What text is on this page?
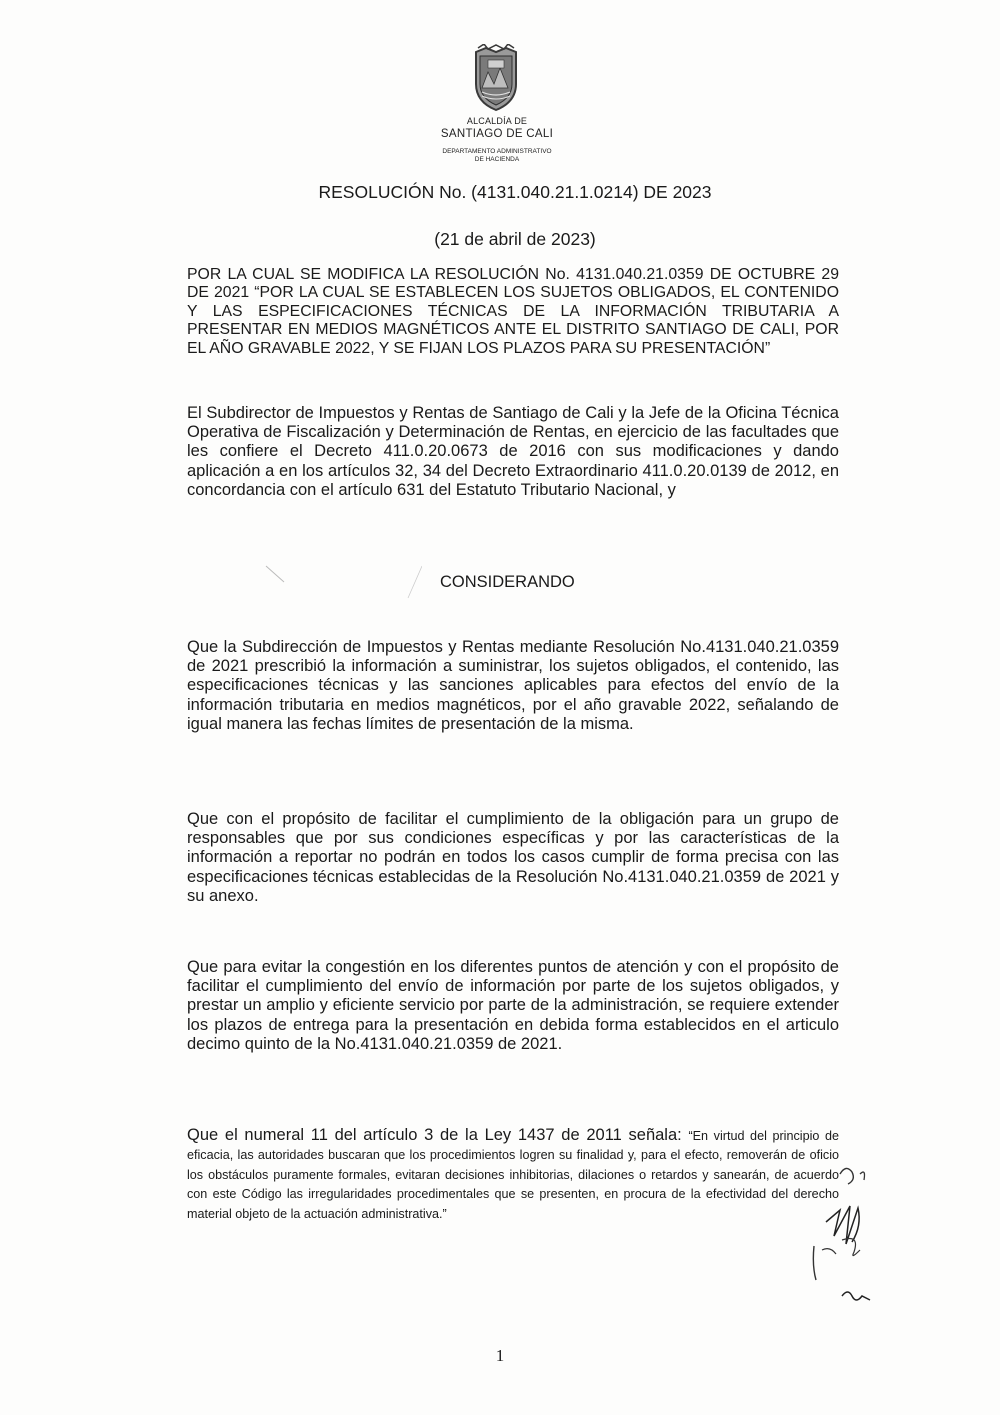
ALCALDÍA DE
SANTIAGO DE CALI
DEPARTAMENTO ADMINISTRATIVO
DE HACIENDA
RESOLUCIÓN No. (4131.040.21.1.0214) DE 2023
(21 de abril de 2023)
POR LA CUAL SE MODIFICA LA RESOLUCIÓN No. 4131.040.21.0359 DE OCTUBRE 29 DE 2021 “POR LA CUAL SE ESTABLECEN LOS SUJETOS OBLIGADOS, EL CONTENIDO Y LAS ESPECIFICACIONES TÉCNICAS DE LA INFORMACIÓN TRIBUTARIA A PRESENTAR EN MEDIOS MAGNÉTICOS ANTE EL DISTRITO SANTIAGO DE CALI, POR EL AÑO GRAVABLE 2022, Y SE FIJAN LOS PLAZOS PARA SU PRESENTACIÓN”
El Subdirector de Impuestos y Rentas de Santiago de Cali y la Jefe de la Oficina Técnica Operativa de Fiscalización y Determinación de Rentas, en ejercicio de las facultades que les confiere el Decreto 411.0.20.0673 de 2016 con sus modificaciones y dando aplicación a en los artículos 32, 34 del Decreto Extraordinario 411.0.20.0139 de 2012, en concordancia con el artículo 631 del Estatuto Tributario Nacional, y
CONSIDERANDO
Que la Subdirección de Impuestos y Rentas mediante Resolución No.4131.040.21.0359 de 2021 prescribió la información a suministrar, los sujetos obligados, el contenido, las especificaciones técnicas y las sanciones aplicables para efectos del envío de la información tributaria en medios magnéticos, por el año gravable 2022, señalando de igual manera las fechas límites de presentación de la misma.
Que con el propósito de facilitar el cumplimiento de la obligación para un grupo de responsables que por sus condiciones específicas y por las características de la información a reportar no podrán en todos los casos cumplir de forma precisa con las especificaciones técnicas establecidas de la Resolución No.4131.040.21.0359 de 2021 y su anexo.
Que para evitar la congestión en los diferentes puntos de atención y con el propósito de facilitar el cumplimiento del envío de información por parte de los sujetos obligados, y prestar un amplio y eficiente servicio por parte de la administración, se requiere extender los plazos de entrega para la presentación en debida forma establecidos en el articulo decimo quinto de la No.4131.040.21.0359 de 2021.
Que el numeral 11 del artículo 3 de la Ley 1437 de 2011 señala: “En virtud del principio de eficacia, las autoridades buscaran que los procedimientos logren su finalidad y, para el efecto, removerán de oficio los obstáculos puramente formales, evitaran decisiones inhibitorias, dilaciones o retardos y sanearán, de acuerdo con este Código las irregularidades procedimentales que se presenten, en procura de la efectividad del derecho material objeto de la actuación administrativa.”
1
